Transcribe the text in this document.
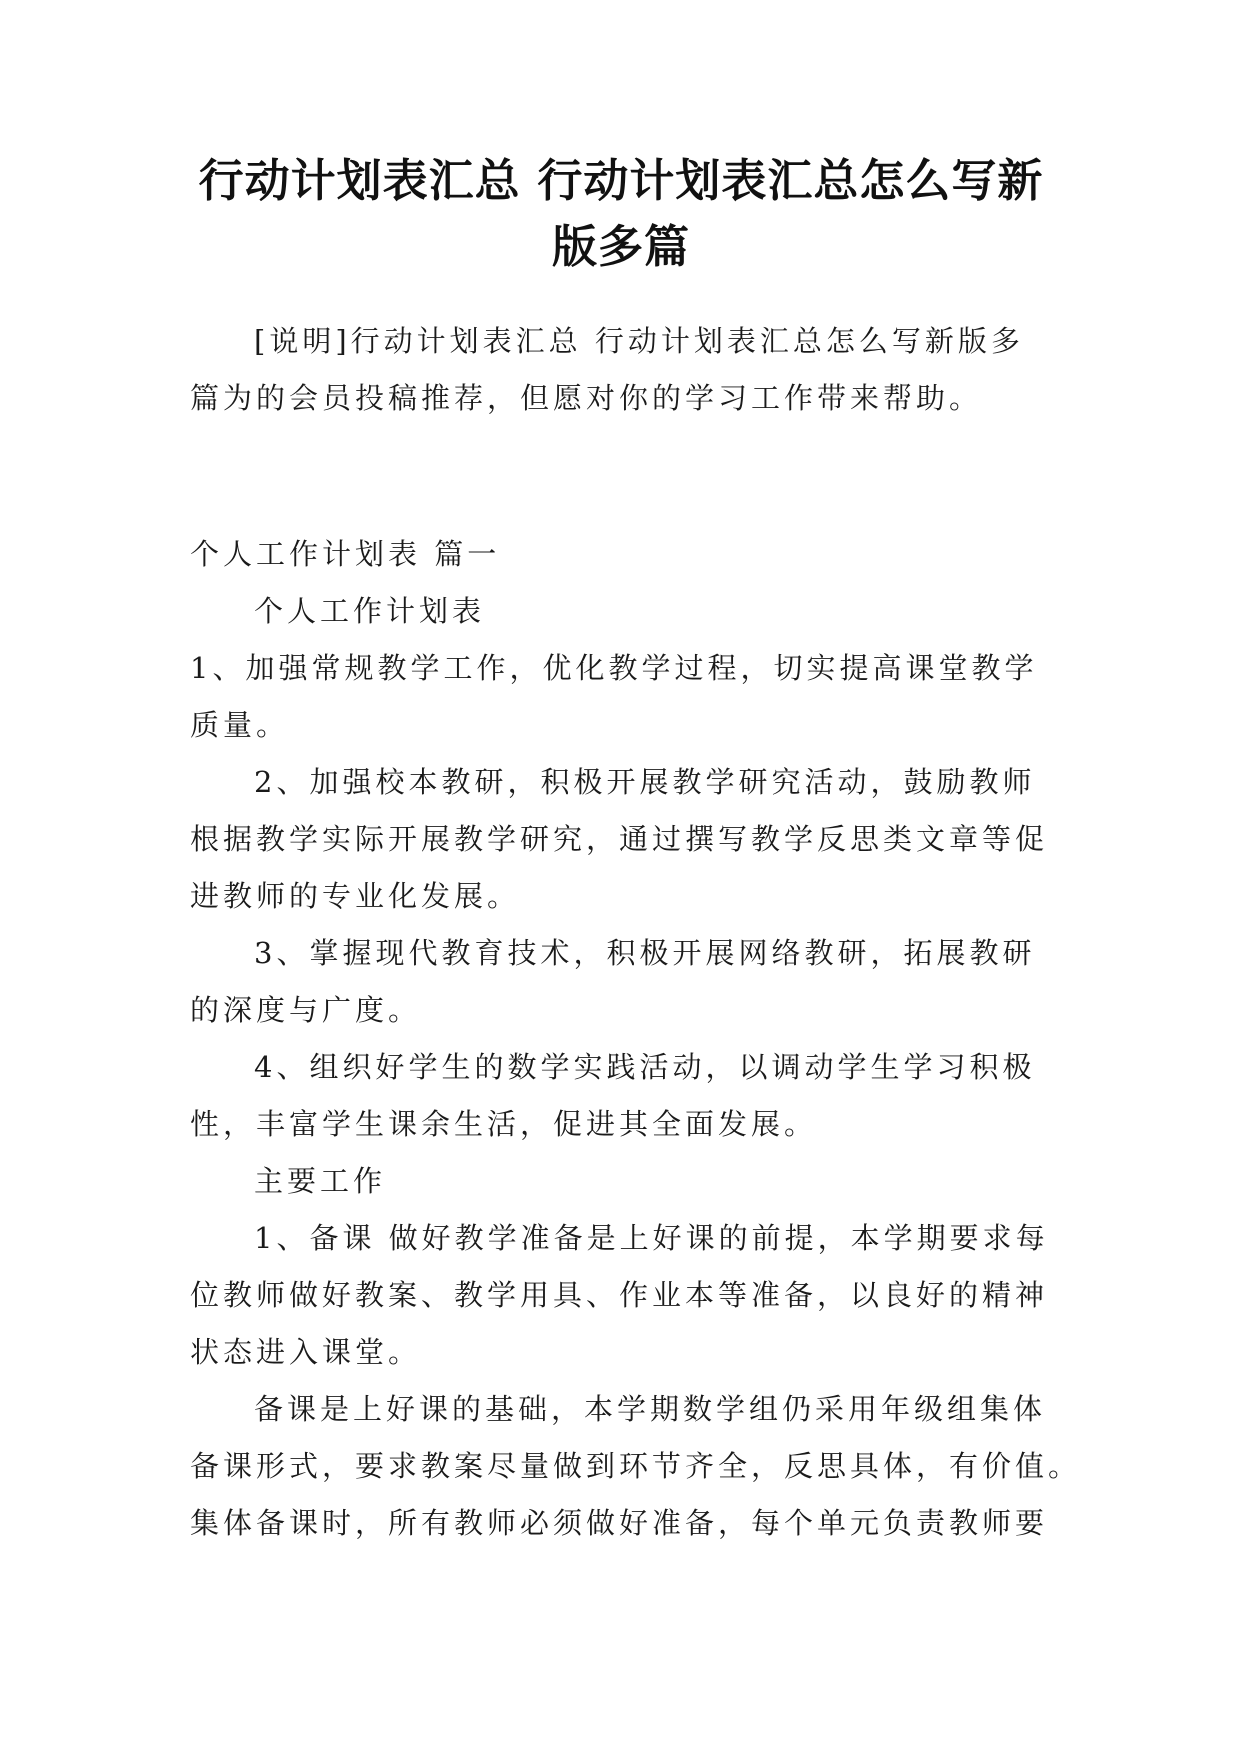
行动计划表汇总 行动计划表汇总怎么写新
版多篇
[说明]行动计划表汇总 行动计划表汇总怎么写新版多
篇为的会员投稿推荐，但愿对你的学习工作带来帮助。
个人工作计划表 篇一
个人工作计划表
1、加强常规教学工作，优化教学过程，切实提高课堂教学
质量。
2、加强校本教研，积极开展教学研究活动，鼓励教师
根据教学实际开展教学研究，通过撰写教学反思类文章等促
进教师的专业化发展。
3、掌握现代教育技术，积极开展网络教研，拓展教研
的深度与广度。
4、组织好学生的数学实践活动，以调动学生学习积极
性，丰富学生课余生活，促进其全面发展。
主要工作
1、备课 做好教学准备是上好课的前提，本学期要求每
位教师做好教案、教学用具、作业本等准备，以良好的精神
状态进入课堂。
备课是上好课的基础，本学期数学组仍采用年级组集体
备课形式，要求教案尽量做到环节齐全，反思具体，有价值。
集体备课时，所有教师必须做好准备，每个单元负责教师要
